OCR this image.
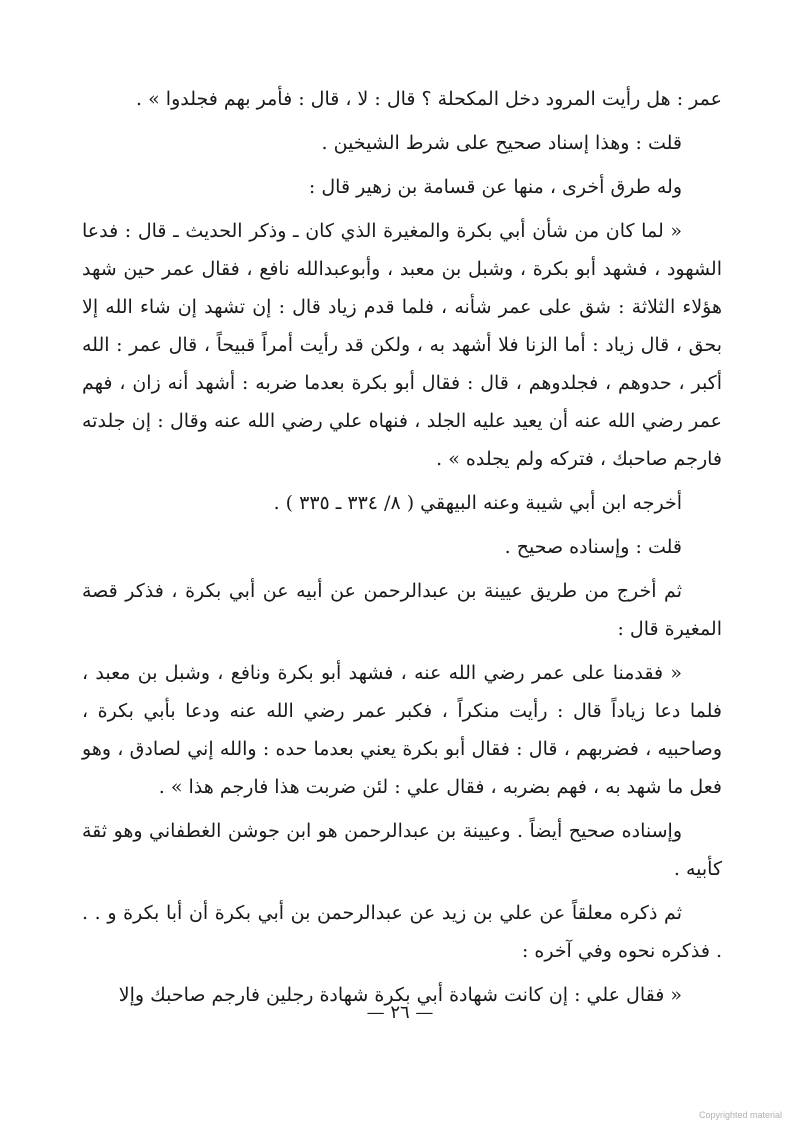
عمر : هل رأيت المرود دخل المكحلة ؟ قال : لا ، قال : فأمر بهم فجلدوا » .

قلت : وهذا إسناد صحيح على شرط الشيخين .

وله طرق أخرى ، منها عن قسامة بن زهير قال :

« لما كان من شأن أبي بكرة والمغيرة الذي كان ـ وذكر الحديث ـ قال : فدعا الشهود ، فشهد أبو بكرة ، وشبل بن معبد ، وأبوعبدالله نافع ، فقال عمر حين شهد هؤلاء الثلاثة : شق على عمر شأنه ، فلما قدم زياد قال : إن تشهد إن شاء الله إلا بحق ، قال زياد : أما الزنا فلا أشهد به ، ولكن قد رأيت أمراً قبيحاً ، قال عمر : الله أكبر ، حدوهم ، فجلدوهم ، قال : فقال أبو بكرة بعدما ضربه : أشهد أنه زان ، فهم عمر رضي الله عنه أن يعيد عليه الجلد ، فنهاه علي رضي الله عنه وقال : إن جلدته فارجم صاحبك ، فتركه ولم يجلده » .

أخرجه ابن أبي شيبة وعنه البيهقي ( ٨/ ٣٣٤ ـ ٣٣٥ ) .

قلت : وإسناده صحيح .

ثم أخرج من طريق عيينة بن عبدالرحمن عن أبيه عن أبي بكرة ، فذكر قصة المغيرة قال :

« فقدمنا على عمر رضي الله عنه ، فشهد أبو بكرة ونافع ، وشبل بن معبد ، فلما دعا زياداً قال : رأيت منكراً ، فكبر عمر رضي الله عنه ودعا بأبي بكرة ، وصاحبيه ، فضربهم ، قال : فقال أبو بكرة يعني بعدما حده : والله إني لصادق ، وهو فعل ما شهد به ، فهم بضربه ، فقال علي : لئن ضربت هذا فارجم هذا » .

وإسناده صحيح أيضاً . وعيينة بن عبدالرحمن هو ابن جوشن الغطفاني وهو ثقة كأبيه .

ثم ذكره معلقاً عن علي بن زيد عن عبدالرحمن بن أبي بكرة أن أبا بكرة و . . . فذكره نحوه وفي آخره :

« فقال علي : إن كانت شهادة أبي بكرة شهادة رجلين فارجم صاحبك وإلا

— ٢٦ —
Copyrighted material
